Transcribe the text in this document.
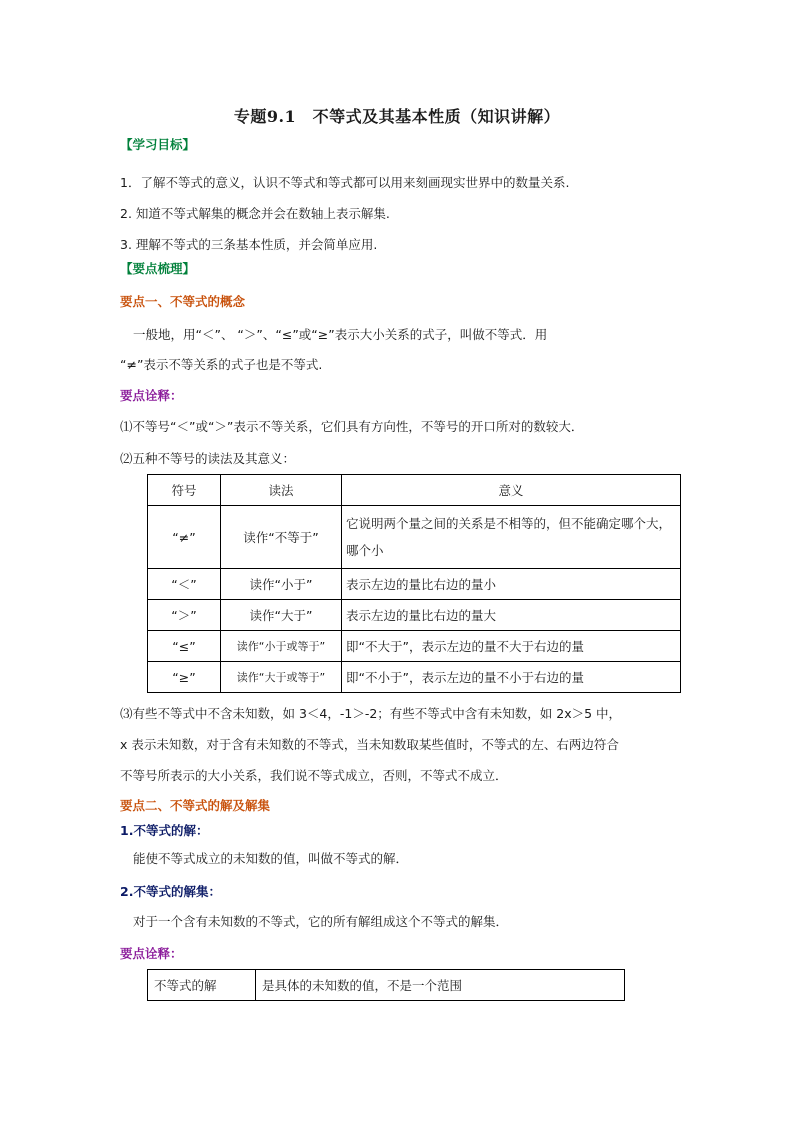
专题9.1　不等式及其基本性质（知识讲解）
【学习目标】
1．了解不等式的意义，认识不等式和等式都可以用来刻画现实世界中的数量关系.
2. 知道不等式解集的概念并会在数轴上表示解集.
3. 理解不等式的三条基本性质，并会简单应用.
【要点梳理】
要点一、不等式的概念
一般地，用“＜”、 “＞”、“≤”或“≥”表示大小关系的式子，叫做不等式．用
“≠”表示不等关系的式子也是不等式.
要点诠释：
⑴不等号“＜”或“＞”表示不等关系，它们具有方向性，不等号的开口所对的数较大．
⑵五种不等号的读法及其意义：
符号	读法	意义
“≠”	读作“不等于”	它说明两个量之间的关系是不相等的，但不能确定哪个大，哪个小
“＜”	读作“小于”	表示左边的量比右边的量小
“＞”	读作“大于”	表示左边的量比右边的量大
“≤”	读作“小于或等于”	即“不大于”，表示左边的量不大于右边的量
“≥”	读作“大于或等于”	即“不小于”，表示左边的量不小于右边的量
⑶有些不等式中不含未知数，如 3＜4，-1＞-2；有些不等式中含有未知数，如 2x＞5 中，
x 表示未知数，对于含有未知数的不等式，当未知数取某些值时，不等式的左、右两边符合
不等号所表示的大小关系，我们说不等式成立，否则，不等式不成立．
要点二、不等式的解及解集
1.不等式的解：
能使不等式成立的未知数的值，叫做不等式的解．
2.不等式的解集：
对于一个含有未知数的不等式，它的所有解组成这个不等式的解集．
要点诠释：
不等式的解	是具体的未知数的值，不是一个范围
